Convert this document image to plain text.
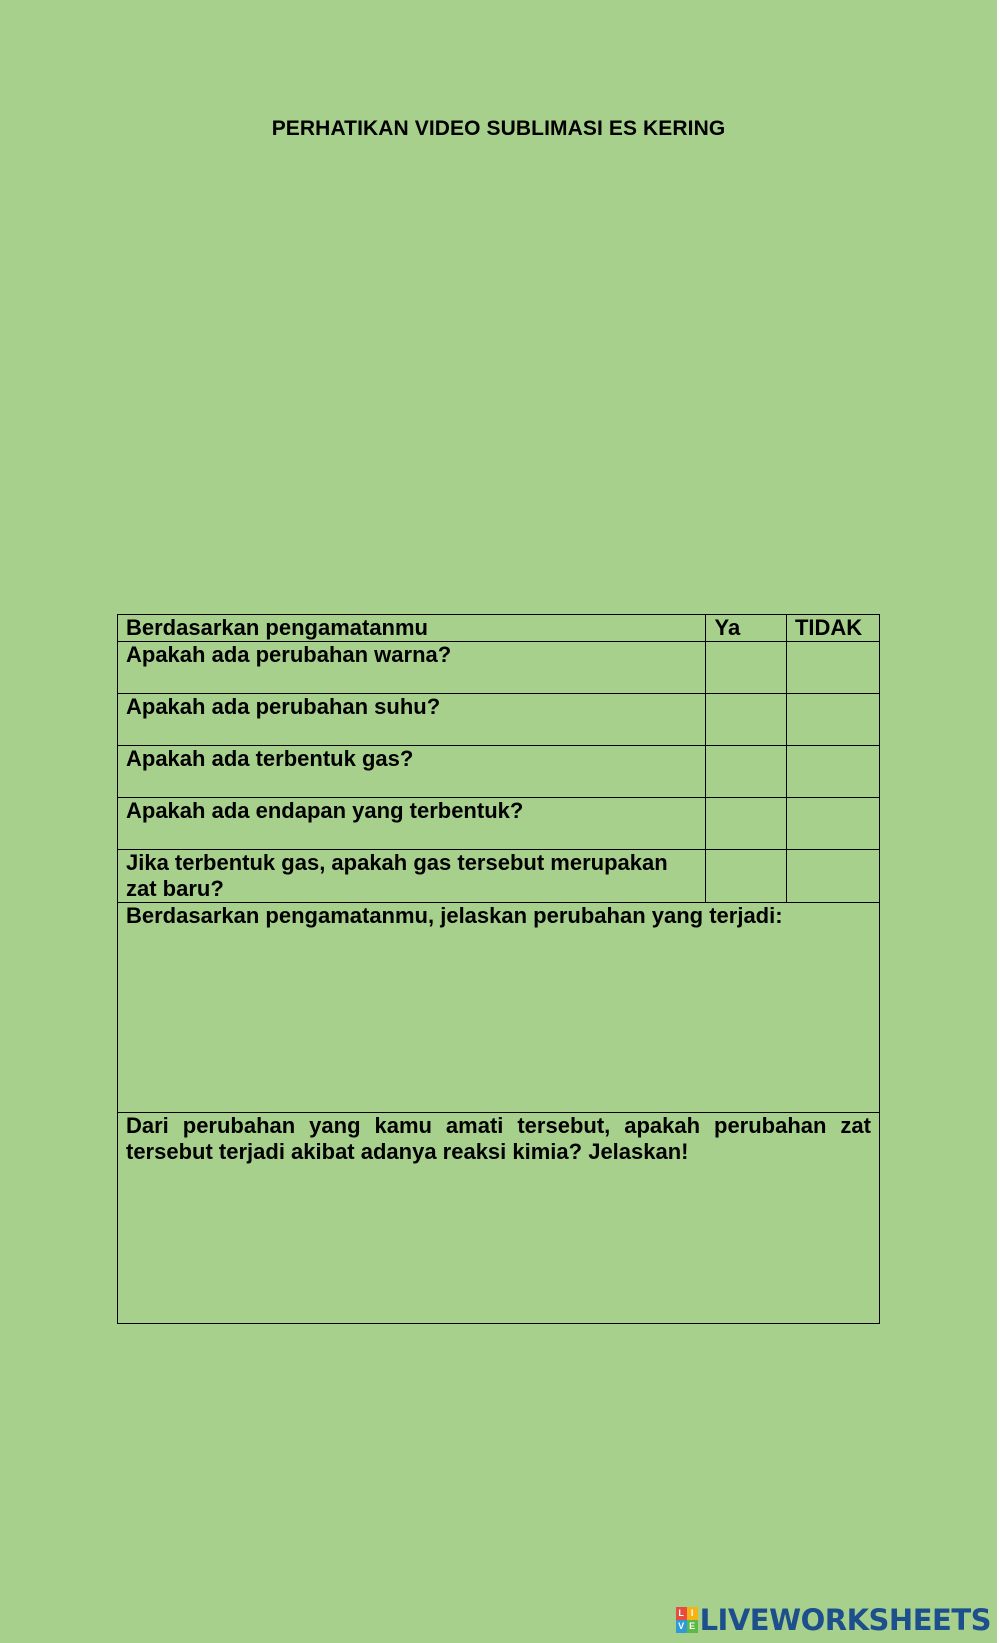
PERHATIKAN VIDEO SUBLIMASI ES KERING
Berdasarkan pengamatanmu	Ya	TIDAK
Apakah ada perubahan warna?		
Apakah ada perubahan suhu?		
Apakah ada terbentuk gas?		
Apakah ada endapan yang terbentuk?		
Jika terbentuk gas, apakah gas tersebut merupakan zat baru?		
Berdasarkan pengamatanmu, jelaskan perubahan yang terjadi:		
Dari perubahan yang kamu amati tersebut, apakah perubahan zat tersebut terjadi akibat adanya reaksi kimia? Jelaskan!		
L I
V E LIVEWORKSHEETS
